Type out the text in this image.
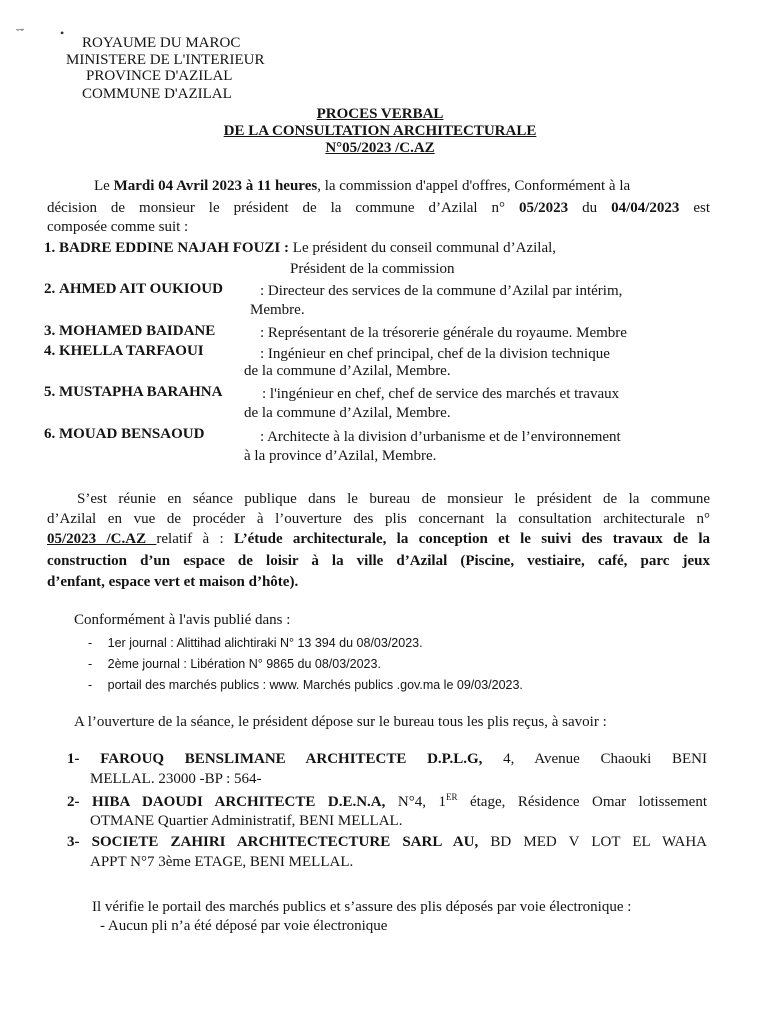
˘ˇ	•
ROYAUME DU MAROC
MINISTERE DE L'INTERIEUR
PROVINCE D'AZILAL
COMMUNE D'AZILAL
PROCES VERBAL
DE LA CONSULTATION ARCHITECTURALE
N°05/2023 /C.AZ
Le Mardi 04 Avril 2023 à 11 heures, la commission d'appel d'offres, Conformément à la
décision de monsieur le président de la commune d’Azilal n° 05/2023 du 04/04/2023 est
composée comme suit :
1. BADRE EDDINE NAJAH FOUZI : Le président du conseil communal d’Azilal,
Président de la commission
2. AHMED AIT OUKIOUD : Directeur des services de la commune d’Azilal par intérim,
Membre.
3. MOHAMED BAIDANE	: Représentant de la trésorerie générale du royaume. Membre
4. KHELLA TARFAOUI	: Ingénieur en chef principal, chef de la division technique
de la commune d’Azilal, Membre.
5. MUSTAPHA BARAHNA	: l'ingénieur en chef, chef de service des marchés et travaux
de la commune d’Azilal, Membre.
6. MOUAD BENSAOUD	: Architecte à la division d’urbanisme et de l’environnement
à la province d’Azilal, Membre.
S’est réunie en séance publique dans le bureau de monsieur le président de la commune
d’Azilal en vue de procéder à l’ouverture des plis concernant la consultation architecturale n°
05/2023 /C.AZ relatif à : L’étude architecturale, la conception et le suivi des travaux de la
construction d’un espace de loisir à la ville d’Azilal (Piscine, vestiaire, café, parc jeux
d’enfant, espace vert et maison d’hôte).
Conformément à l'avis publié dans :
- 1er journal : Alittihad alichtiraki N° 13 394 du 08/03/2023.
- 2ème journal : Libération N° 9865 du 08/03/2023.
- portail des marchés publics : www. Marchés publics .gov.ma le 09/03/2023.
A l’ouverture de la séance, le président dépose sur le bureau tous les plis reçus, à savoir :
1- FAROUQ BENSLIMANE ARCHITECTE D.P.L.G, 4, Avenue Chaouki BENI
MELLAL. 23000 -BP : 564-
2- HIBA DAOUDI ARCHITECTE D.E.N.A, N°4, 1ER étage, Résidence Omar lotissement
OTMANE Quartier Administratif, BENI MELLAL.
3- SOCIETE ZAHIRI ARCHITECTECTURE SARL AU, BD MED V LOT EL WAHA
APPT N°7 3ème ETAGE, BENI MELLAL.
Il vérifie le portail des marchés publics et s’assure des plis déposés par voie électronique :
- Aucun pli n’a été déposé par voie électronique
